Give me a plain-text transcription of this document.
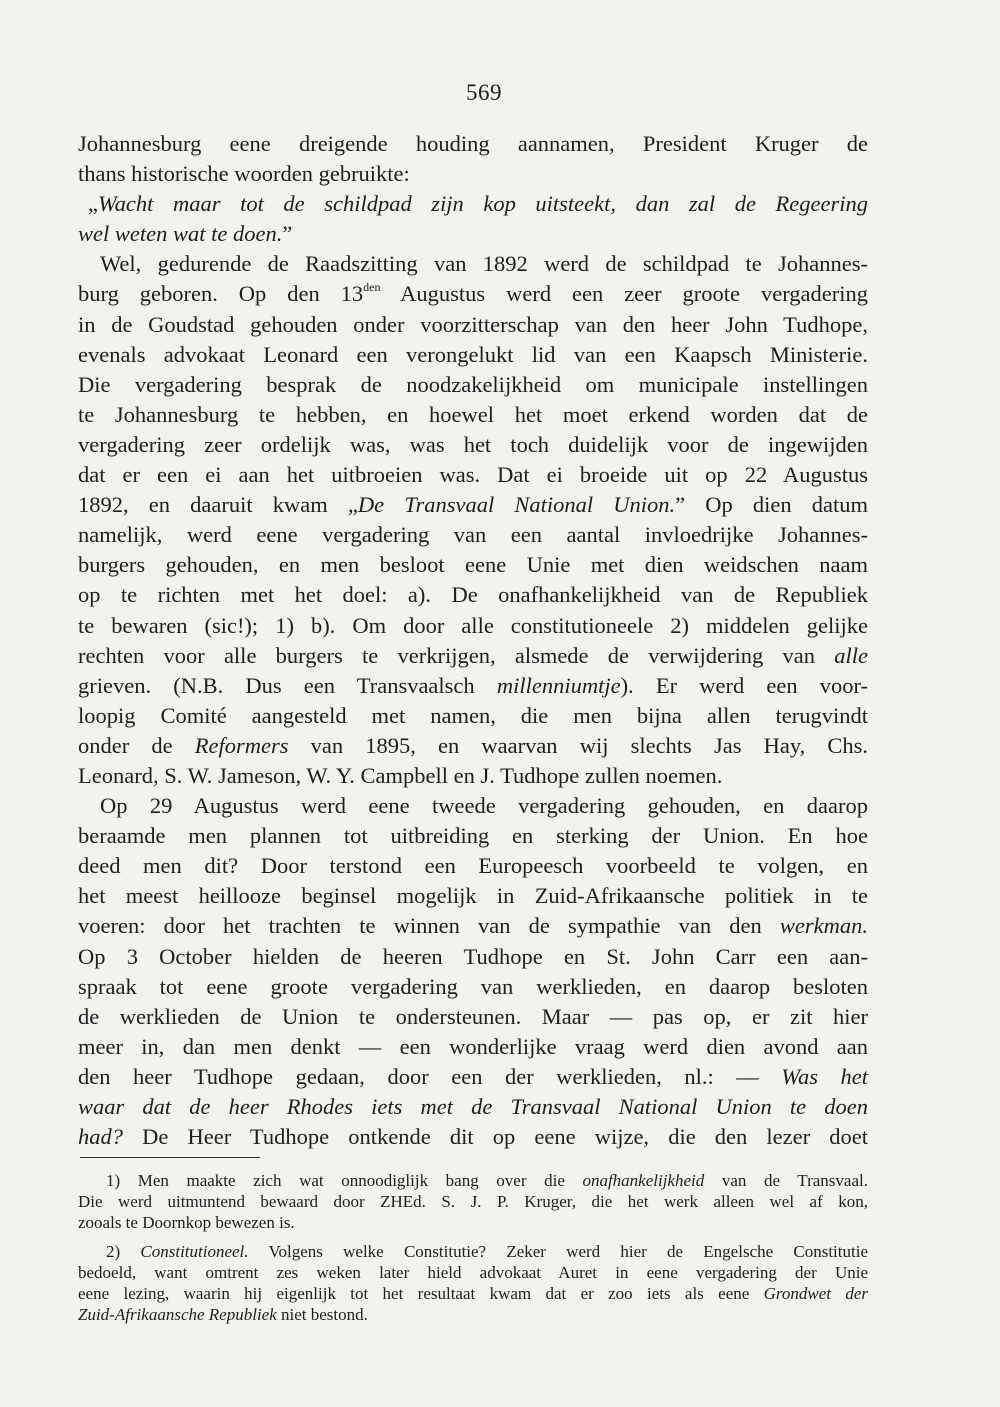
569
Johannesburg eene dreigende houding aannamen, President Kruger de
thans historische woorden gebruikte:
„Wacht maar tot de schildpad zijn kop uitsteekt, dan zal de Regeering
wel weten wat te doen.”
Wel, gedurende de Raadszitting van 1892 werd de schildpad te Johannes-
burg geboren. Op den $13^{den}$ Augustus werd een zeer groote vergadering
in de Goudstad gehouden onder voorzitterschap van den heer John Tudhope,
evenals advokaat Leonard een verongelukt lid van een Kaapsch Ministerie.
Die vergadering besprak de noodzakelijkheid om municipale instellingen
te Johannesburg te hebben, en hoewel het moet erkend worden dat de
vergadering zeer ordelijk was, was het toch duidelijk voor de ingewijden
dat er een ei aan het uitbroeien was. Dat ei broeide uit op 22 Augustus
1892, en daaruit kwam „De Transvaal National Union.” Op dien datum
namelijk, werd eene vergadering van een aantal invloedrijke Johannes-
burgers gehouden, en men besloot eene Unie met dien weidschen naam
op te richten met het doel: a). De onafhankelijkheid van de Republiek
te bewaren (sic!); 1) b). Om door alle constitutioneele 2) middelen gelijke
rechten voor alle burgers te verkrijgen, alsmede de verwijdering van alle
grieven. (N.B. Dus een Transvaalsch millenniumtje). Er werd een voor-
loopig Comité aangesteld met namen, die men bijna allen terugvindt
onder de Reformers van 1895, en waarvan wij slechts Jas Hay, Chs.
Leonard, S. W. Jameson, W. Y. Campbell en J. Tudhope zullen noemen.
Op 29 Augustus werd eene tweede vergadering gehouden, en daarop
beraamde men plannen tot uitbreiding en sterking der Union. En hoe
deed men dit? Door terstond een Europeesch voorbeeld te volgen, en
het meest heilloozе beginsel mogelijk in Zuid-Afrikaansche politiek in te
voeren: door het trachten te winnen van de sympathie van den werkman.
Op 3 October hielden de heeren Tudhope en St. John Carr een aan-
spraak tot eene groote vergadering van werklieden, en daarop besloten
de werklieden de Union te ondersteunen. Maar — pas op, er zit hier
meer in, dan men denkt — een wonderlijke vraag werd dien avond aan
den heer Tudhope gedaan, door een der werklieden, nl.: — Was het
waar dat de heer Rhodes iets met de Transvaal National Union te doen
had? De Heer Tudhope ontkende dit op eene wijze, die den lezer doet
1) Men maakte zich wat onnoodiglijk bang over die onafhankelijkheid van de Transvaal.
Die werd uitmuntend bewaard door ZHEd. S. J. P. Kruger, die het werk alleen wel af kon,
zooals te Doornkop bewezen is.
2) Constitutioneel. Volgens welke Constitutie? Zeker werd hier de Engelsche Constitutie
bedoeld, want omtrent zes weken later hield advokaat Auret in eene vergadering der Unie
eene lezing, waarin hij eigenlijk tot het resultaat kwam dat er zoo iets als eene Grondwet der
Zuid-Afrikaansche Republiek niet bestond.
